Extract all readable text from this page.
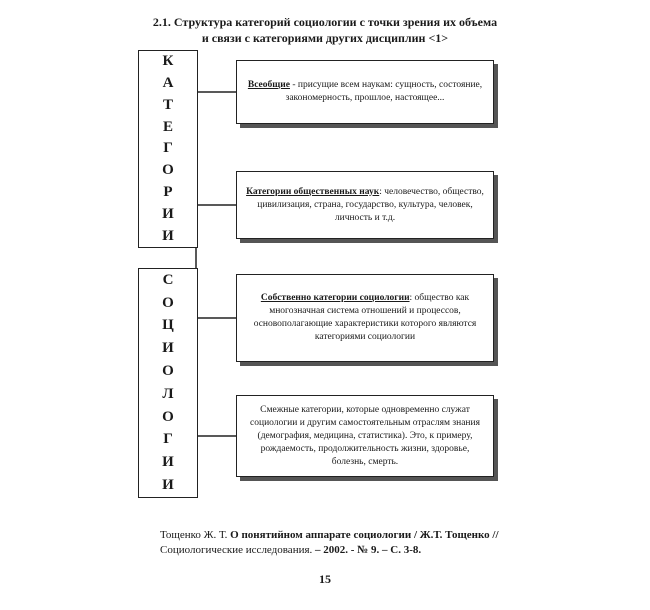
2.1. Структура категорий социологии с точки зрения их объема
и связи с категориями других дисциплин <1>
К
А
Т
Е
Г
О
Р
И
И
С
О
Ц
И
О
Л
О
Г
И
И
Всеобщие - присущие всем наукам: сущность, состояние, закономерность, прошлое, настоящее...
Категории общественных наук: человечество, общество, цивилизация, страна, государство, культура, человек, личность и т.д.
Собственно категории социологии: общество как многозначная система отношений и процессов, основополагающие характеристики которого являются категориями социологии
Смежные категории, которые одновременно служат социологии и другим самостоятельным отраслям знания (демография, медицина, статистика). Это, к примеру, рождаемость, продолжительность жизни, здоровье, болезнь, смерть.
Тощенко Ж. Т. О понятийном аппарате социологии / Ж.Т. Тощенко //
Социологические исследования. – 2002. - № 9. – С. 3-8.
15
